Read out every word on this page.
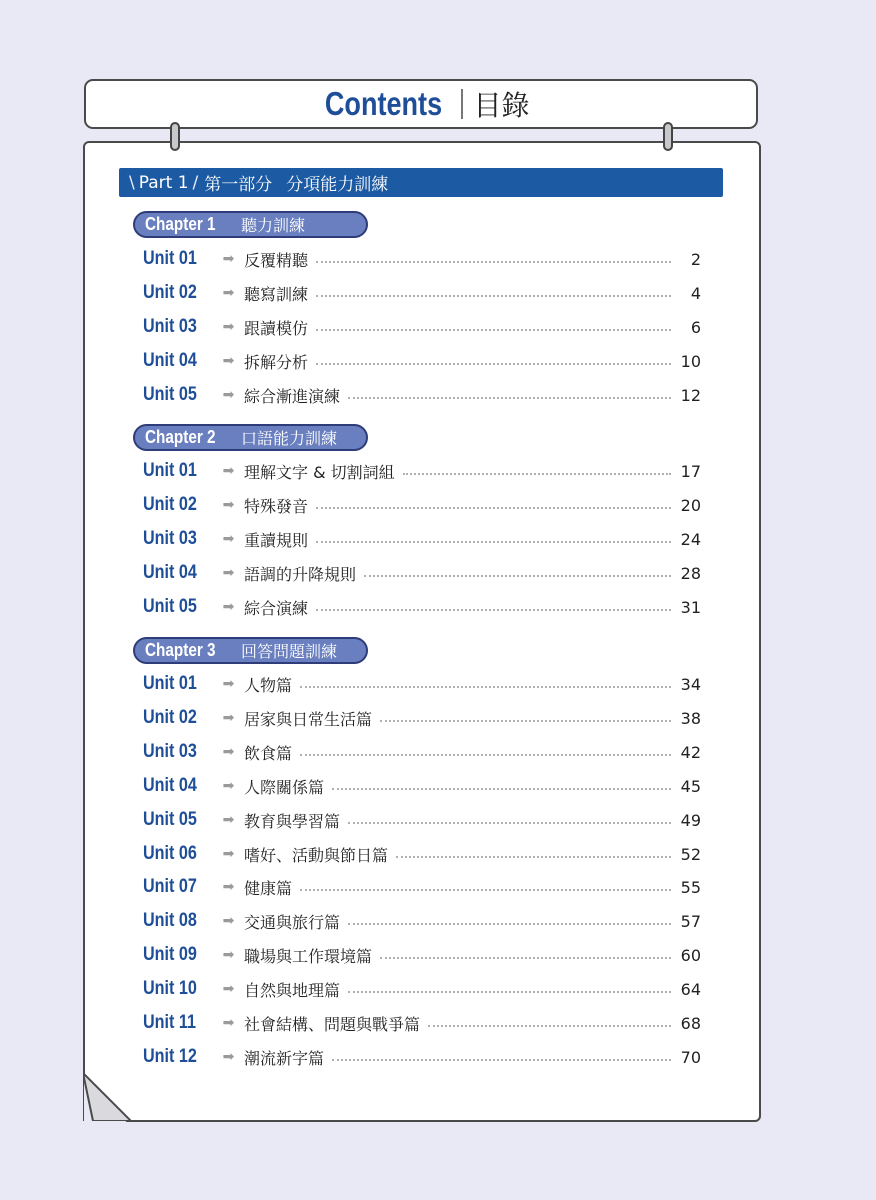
Contents 目錄
\ Part 1 / 第一部分 分項能力訓練
Chapter 1 聽力訓練
Unit 01	➡ 反覆精聽	2
Unit 02	➡ 聽寫訓練	4
Unit 03	➡ 跟讀模仿	6
Unit 04	➡ 拆解分析	10
Unit 05	➡ 綜合漸進演練	12
Chapter 2 口語能力訓練
Unit 01	➡ 理解文字 & 切割詞組	17
Unit 02	➡ 特殊發音	20
Unit 03	➡ 重讀規則	24
Unit 04	➡ 語調的升降規則	28
Unit 05	➡ 綜合演練	31
Chapter 3 回答問題訓練
Unit 01	➡ 人物篇	34
Unit 02	➡ 居家與日常生活篇	38
Unit 03	➡ 飲食篇	42
Unit 04	➡ 人際關係篇	45
Unit 05	➡ 教育與學習篇	49
Unit 06	➡ 嗜好、活動與節日篇	52
Unit 07	➡ 健康篇	55
Unit 08	➡ 交通與旅行篇	57
Unit 09	➡ 職場與工作環境篇	60
Unit 10	➡ 自然與地理篇	64
Unit 11	➡ 社會結構、問題與戰爭篇	68
Unit 12	➡ 潮流新字篇	70
